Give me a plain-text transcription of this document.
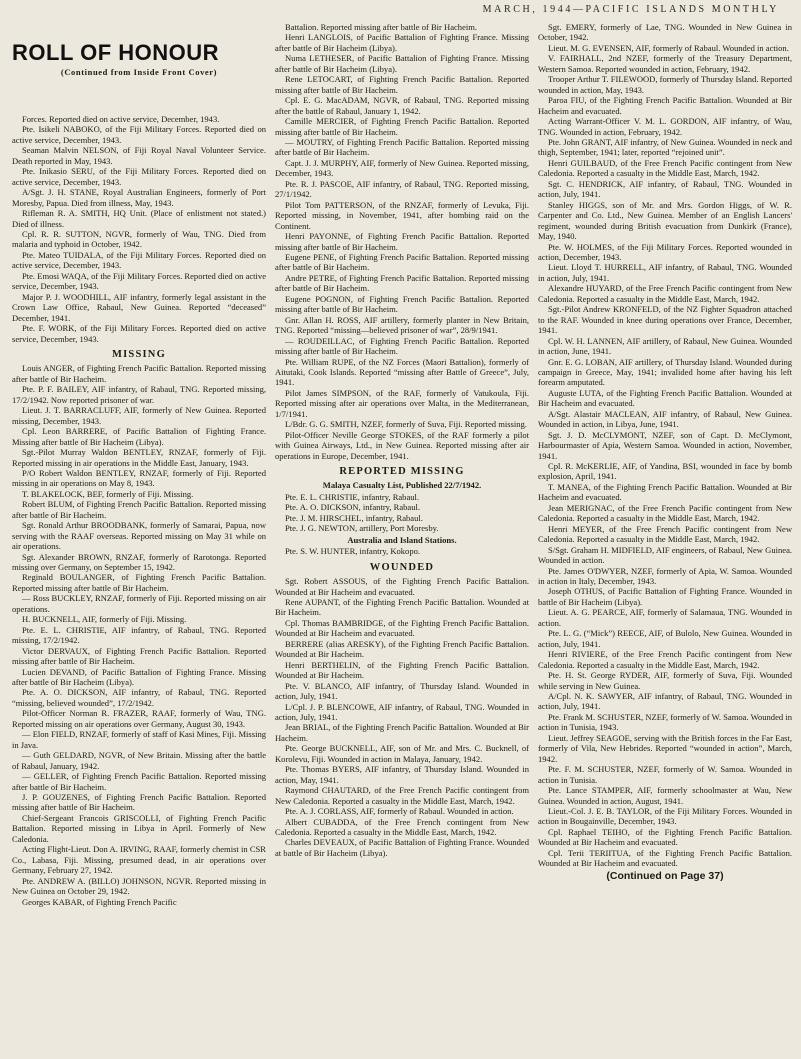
MARCH, 1944—PACIFIC ISLANDS MONTHLY
ROLL OF HONOUR
(Continued from Inside Front Cover)

Forces. Reported died on active service, December, 1943.

Pte. Isikeli NABOKO, of the Fiji Military Forces. Reported died on active service, December, 1943.

Seaman Malvin NELSON, of Fiji Royal Naval Volunteer Service. Death reported in May, 1943.

Pte. Inikasio SERU, of the Fiji Military Forces. Reported died on active service, December, 1943.

A/Sgt. J. H. STANE, Royal Australian Engineers, formerly of Port Moresby, Papua. Died from illness, May, 1943.

Rifleman R. A. SMITH, HQ Unit. (Place of enlistment not stated.) Died of illness.

Cpl. R. R. SUTTON, NGVR, formerly of Wau, TNG. Died from malaria and typhoid in October, 1942.

Pte. Mateo TUIDALA, of the Fiji Military Forces. Reported died on active service, December, 1943.

Pte. Emosi WAQA, of the Fiji Military Forces. Reported died on active service, December, 1943.

Major P. J. WOODHILL, AIF infantry, formerly legal assistant in the Crown Law Office, Rabaul, New Guinea. Reported “deceased” December, 1941.

Pte. F. WORK, of the Fiji Military Forces. Reported died on active service, December, 1943.

MISSING

Louis ANGER, of Fighting French Pacific Battalion. Reported missing after battle of Bir Hacheim.

Pte. P. F. BAILEY, AIF infantry, of Rabaul, TNG. Reported missing, 17/2/1942. Now reported prisoner of war.

Lieut. J. T. BARRACLUFF, AIF, formerly of New Guinea. Reported missing, December, 1943.

Cpl. Leon BARRERE, of Pacific Battalion of Fighting France. Missing after battle of Bir Hacheim (Libya).

Sgt.-Pilot Murray Waldon BENTLEY, RNZAF, formerly of Fiji. Reported missing in air operations in the Middle East, January, 1943.

P/O Robert Waldon BENTLEY, RNZAF, formerly of Fiji. Reported missing in air operations on May 8, 1943.

T. BLAKELOCK, BEF, formerly of Fiji. Missing.

Robert BLUM, of Fighting French Pacific Battalion. Reported missing after battle of Bir Hacheim.

Sgt. Ronald Arthur BROODBANK, formerly of Samarai, Papua, now serving with the RAAF overseas. Reported missing on May 31 while on air operations.

Sgt. Alexander BROWN, RNZAF, formerly of Rarotonga. Reported missing over Germany, on September 15, 1942.

Reginald BOULANGER, of Fighting French Pacific Battalion. Reported missing after battle of Bir Hacheim.

— Ross BUCKLEY, RNZAF, formerly of Fiji. Reported missing on air operations.

H. BUCKNELL, AIF, formerly of Fiji. Missing.

Pte. E. L. CHRISTIE, AIF infantry, of Rabaul, TNG. Reported missing, 17/2/1942.

Victor DERVAUX, of Fighting French Pacific Battalion. Reported missing after battle of Bir Hacheim.

Lucien DEVAND, of Pacific Battalion of Fighting France. Missing after battle of Bir Hacheim (Libya).

Pte. A. O. DICKSON, AIF infantry, of Rabaul, TNG. Reported “missing, believed wounded”, 17/2/1942.

Pilot-Officer Norman R. FRAZER, RAAF, formerly of Wau, TNG. Reported missing on air operations over Germany, August 30, 1943.

— Elon FIELD, RNZAF, formerly of staff of Kasi Mines, Fiji. Missing in Java.

— Guth GELDARD, NGVR, of New Britain. Missing after the battle of Rabaul, January, 1942.

— GELLER, of Fighting French Pacific Battalion. Reported missing after battle of Bir Hacheim.

J. P. GOUZENES, of Fighting French Pacific Battalion. Reported missing after battle of Bir Hacheim.

Chief-Sergeant Francois GRISCOLLI, of Fighting French Pacific Battalion. Reported missing in Libya in April. Formerly of New Caledonia.

Acting Flight-Lieut. Don A. IRVING, RAAF, formerly chemist in CSR Co., Labasa, Fiji. Missing, presumed dead, in air operations over Germany, February 27, 1942.

Pte. ANDREW A. (BILLO) JOHNSON, NGVR. Reported missing in New Guinea on October 29, 1942.

Georges KABAR, of Fighting French Pacific

Battalion. Reported missing after battle of Bir Hacheim.

Henri LANGLOIS, of Pacific Battalion of Fighting France. Missing after battle of Bir Hacheim (Libya).

Numa LETHESER, of Pacific Battalion of Fighting France. Missing after battle of Bir Hacheim (Libya).

Rene LETOCART, of Fighting French Pacific Battalion. Reported missing after battle of Bir Hacheim.

Cpl. E. G. MacADAM, NGVR, of Rabaul, TNG. Reported missing after the battle of Rabaul, January 1, 1942.

Camille MERCIER, of Fighting French Pacific Battalion. Reported missing after battle of Bir Hacheim.

— MOUTRY, of Fighting French Pacific Battalion. Reported missing after battle of Bir Hacheim.

Capt. J. J. MURPHY, AIF, formerly of New Guinea. Reported missing, December, 1943.

Pte. R. J. PASCOE, AIF infantry, of Rabaul, TNG. Reported missing, 27/1/1942.

Pilot Tom PATTERSON, of the RNZAF, formerly of Levuka, Fiji. Reported missing, in November, 1941, after bombing raid on the Continent.

Henri PAYONNE, of Fighting French Pacific Battalion. Reported missing after battle of Bir Hacheim.

Eugene PENE, of Fighting French Pacific Battalion. Reported missing after battle of Bir Hacheim.

Andre PETRE, of Fighting French Pacific Battalion. Reported missing after battle of Bir Hacheim.

Eugene POGNON, of Fighting French Pacific Battalion. Reported missing after battle of Bir Hacheim.

Gnr. Allan H. ROSS, AIF artillery, formerly planter in New Britain, TNG. Reported “missing—believed prisoner of war”, 28/9/1941.

— ROUDEILLAC, of Fighting French Pacific Battalion. Reported missing after battle of Bir Hacheim.

Pte. William RUPE, of the NZ Forces (Maori Battalion), formerly of Aitutaki, Cook Islands. Reported “missing after Battle of Greece”, July, 1941.

Pilot James SIMPSON, of the RAF, formerly of Vatukoula, Fiji. Reported missing after air operations over Malta, in the Mediterranean, 1/7/1941.

L/Bdr. G. G. SMITH, NZEF, formerly of Suva, Fiji. Reported missing.

Pilot-Officer Neville George STOKES, of the RAF formerly a pilot with Guinea Airways, Ltd., in New Guinea. Reported missing after air operations in Europe, December, 1941.

REPORTED MISSING
Malaya Casualty List, Published 22/7/1942.

Pte. E. L. CHRISTIE, infantry, Rabaul.

Pte. A. O. DICKSON, infantry, Rabaul.

Pte. J. M. HIRSCHEL, infantry, Rabaul.

Pte. J. G. NEWTON, artillery, Port Moresby.

Australia and Island Stations.

Pte. S. W. HUNTER, infantry, Kokopo.

WOUNDED

Sgt. Robert ASSOUS, of the Fighting French Pacific Battalion. Wounded at Bir Hacheim and evacuated.

Rene AUPANT, of the Fighting French Pacific Battalion. Wounded at Bir Hacheim.

Cpl. Thomas BAMBRIDGE, of the Fighting French Pacific Battalion. Wounded at Bir Hacheim and evacuated.

BERRERE (alias ARESKY), of the Fighting French Pacific Battalion. Wounded at Bir Hacheim.

Henri BERTHELIN, of the Fighting French Pacific Battalion. Wounded at Bir Hacheim.

Pte. V. BLANCO, AIF infantry, of Thursday Island. Wounded in action, July, 1941.

L/Cpl. J. P. BLENCOWE, AIF infantry, of Rabaul, TNG. Wounded in action, July, 1941.

Jean BRIAL, of the Fighting French Pacific Battalion. Wounded at Bir Hacheim.

Pte. George BUCKNELL, AIF, son of Mr. and Mrs. C. Bucknell, of Korolevu, Fiji. Wounded in action in Malaya, January, 1942.

Pte. Thomas BYERS, AIF infantry, of Thursday Island. Wounded in action, May, 1941.

Raymond CHAUTARD, of the Free French Pacific contingent from New Caledonia. Reported a casualty in the Middle East, March, 1942.

Pte. A. J. CORLASS, AIF, formerly of Rabaul. Wounded in action.

Albert CUBADDA, of the Free French contingent from New Caledonia. Reported a casualty in the Middle East, March, 1942.

Charles DEVEAUX, of Pacific Battalion of Fighting France. Wounded at battle of Bir Hacheim (Libya).

Sgt. EMERY, formerly of Lae, TNG. Wounded in New Guinea in October, 1942.

Lieut. M. G. EVENSEN, AIF, formerly of Rabaul. Wounded in action.

V. FAIRHALL, 2nd NZEF, formerly of the Treasury Department, Western Samoa. Reported wounded in action, February, 1942.

Trooper Arthur T. FILEWOOD, formerly of Thursday Island. Reported wounded in action, May, 1943.

Paroa FIU, of the Fighting French Pacific Battalion. Wounded at Bir Hacheim and evacuated.

Acting Warrant-Officer V. M. L. GORDON, AIF infantry, of Wau, TNG. Wounded in action, February, 1942.

Pte. John GRANT, AIF infantry, of New Guinea. Wounded in neck and thigh, September, 1941; later, reported “rejoined unit”.

Henri GUILBAUD, of the Free French Pacific contingent from New Caledonia. Reported a casualty in the Middle East, March, 1942.

Sgt. C. HENDRICK, AIF infantry, of Rabaul, TNG. Wounded in action, July, 1941.

Stanley HIGGS, son of Mr. and Mrs. Gordon Higgs, of W. R. Carpenter and Co. Ltd., New Guinea. Member of an English Lancers' regiment, wounded during British evacuation from Dunkirk (France), May, 1940.

Pte. W. HOLMES, of the Fiji Military Forces. Reported wounded in action, December, 1943.

Lieut. Lloyd T. HURRELL, AIF infantry, of Rabaul, TNG. Wounded in action, July, 1941.

Alexandre HUYARD, of the Free French Pacific contingent from New Caledonia. Reported a casualty in the Middle East, March, 1942.

Sgt.-Pilot Andrew KRONFELD, of the NZ Fighter Squadron attached to the RAF. Wounded in knee during operations over France, December, 1941.

Cpl. W. H. LANNEN, AIF artillery, of Rabaul, New Guinea. Wounded in action, June, 1941.

Gnr. E. G. LOBAN, AIF artillery, of Thursday Island. Wounded during campaign in Greece, May, 1941; invalided home after having his left forearm amputated.

Auguste LUTA, of the Fighting French Pacific Battalion. Wounded at Bir Hacheim and evacuated.

A/Sgt. Alastair MACLEAN, AIF infantry, of Rabaul, New Guinea. Wounded in action, in Libya, June, 1941.

Sgt. J. D. McCLYMONT, NZEF, son of Capt. D. McClymont, Harbourmaster of Apia, Western Samoa. Wounded in action, November, 1941.

Cpl. R. McKERLIE, AIF, of Yandina, BSI, wounded in face by bomb explosion, April, 1941.

T. MANEA, of the Fighting French Pacific Battalion. Wounded at Bir Hacheim and evacuated.

Jean MERIGNAC, of the Free French Pacific contingent from New Caledonia. Reported a casualty in the Middle East, March, 1942.

Henri MEYER, of the Free French Pacific contingent from New Caledonia. Reported a casualty in the Middle East, March, 1942.

S/Sgt. Graham H. MIDFIELD, AIF engineers, of Rabaul, New Guinea. Wounded in action.

Pte. James O'DWYER, NZEF, formerly of Apia, W. Samoa. Wounded in action in Italy, December, 1943.

Joseph OTHUS, of Pacific Battalion of Fighting France. Wounded in battle of Bir Hacheim (Libya).

Lieut. A. G. PEARCE, AIF, formerly of Salamaua, TNG. Wounded in action.

Pte. L. G. (“Mick”) REECE, AIF, of Bulolo, New Guinea. Wounded in action, July, 1941.

Henri RIVIERE, of the Free French Pacific contingent from New Caledonia. Reported a casualty in the Middle East, March, 1942.

Pte. H. St. George RYDER, AIF, formerly of Suva, Fiji. Wounded while serving in New Guinea.

A/Cpl. N. K. SAWYER, AIF infantry, of Rabaul, TNG. Wounded in action, July, 1941.

Pte. Frank M. SCHUSTER, NZEF, formerly of W. Samoa. Wounded in action in Tunisia, 1943.

Lieut. Jeffrey SEAGOE, serving with the British forces in the Far East, formerly of Vila, New Hebrides. Reported “wounded in action”, March, 1942.

Pte. F. M. SCHUSTER, NZEF, formerly of W. Samoa. Wounded in action in Tunisia.

Pte. Lance STAMPER, AIF, formerly schoolmaster at Wau, New Guinea. Wounded in action, August, 1941.

Lieut.-Col. J. E. B. TAYLOR, of the Fiji Military Forces. Wounded in action in Bougainville, December, 1943.

Cpl. Raphael TEIHO, of the Fighting French Pacific Battalion. Wounded at Bir Hacheim and evacuated.

Cpl. Terii TERIITUA, of the Fighting French Pacific Battalion. Wounded at Bir Hacheim and evacuated.

(Continued on Page 37)
